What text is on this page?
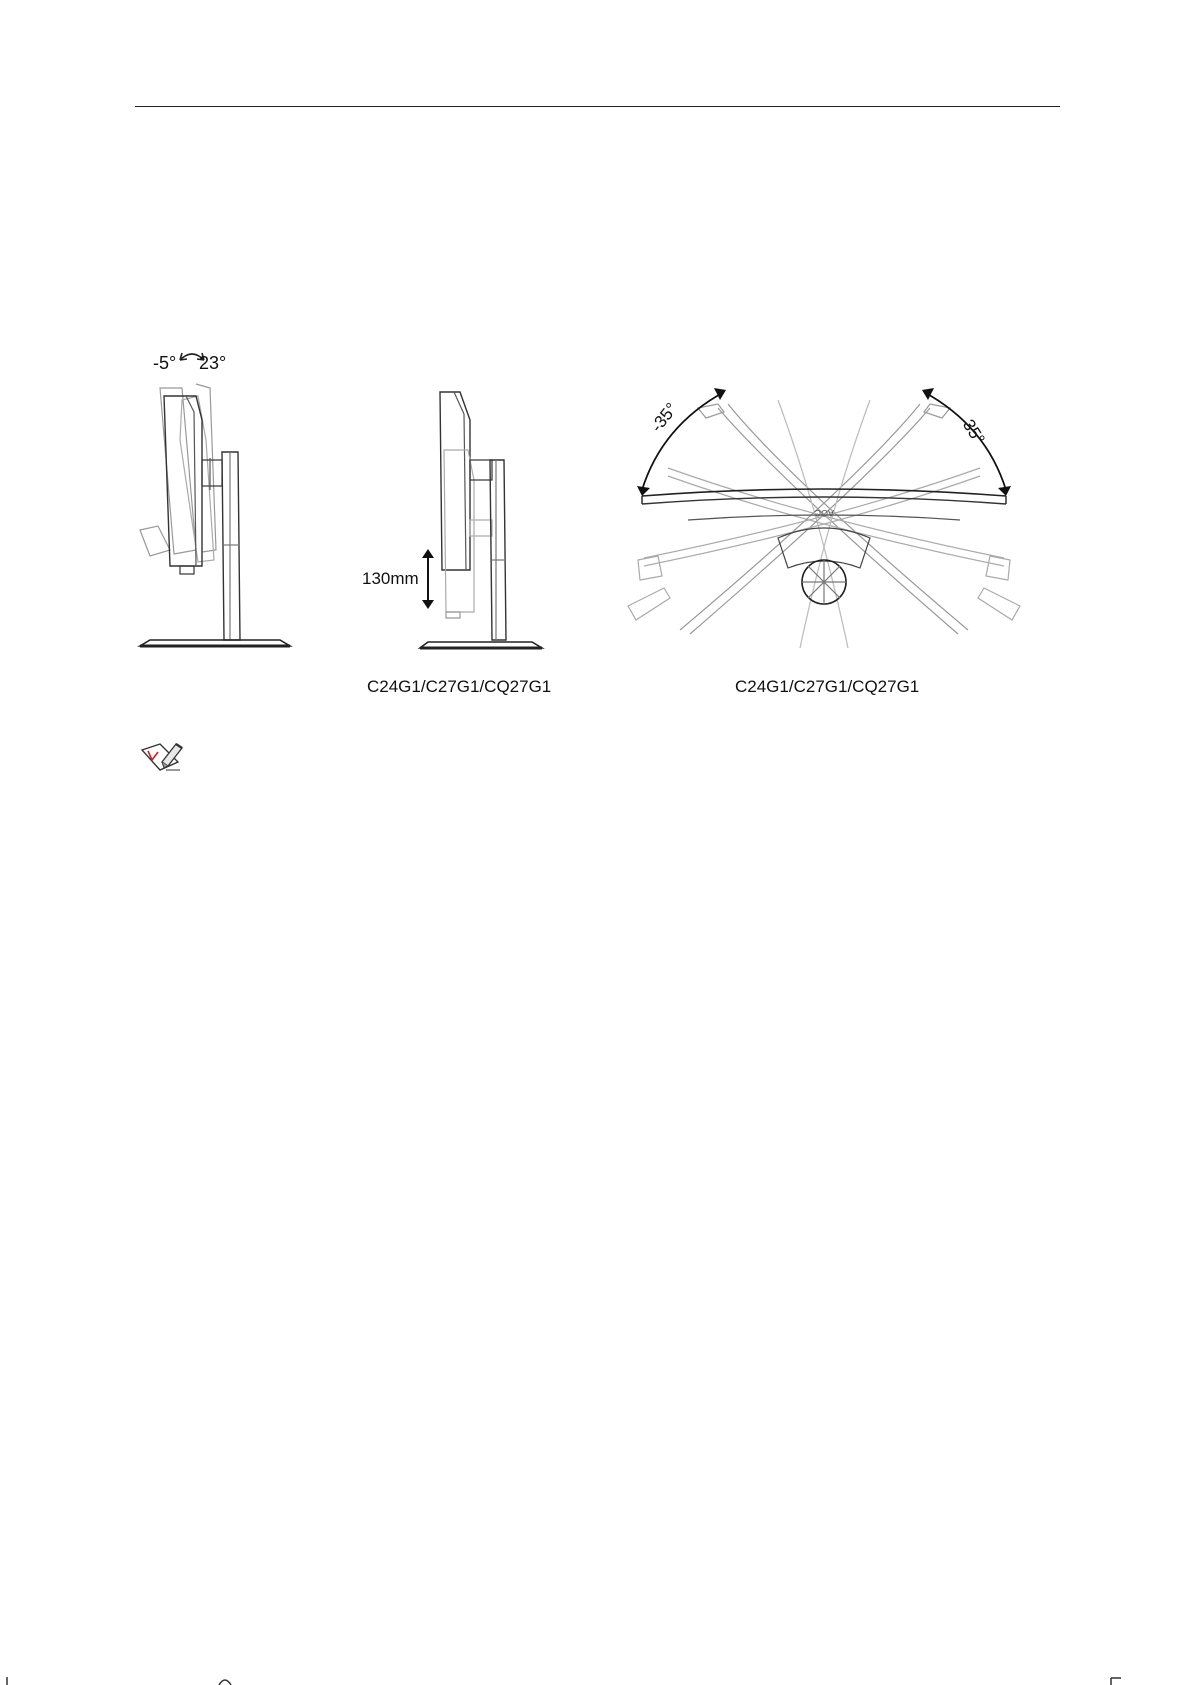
-5° 23°
130mm
C24G1/C27G1/CQ27G1
AOC
-35°	35°
C24G1/C27G1/CQ27G1
